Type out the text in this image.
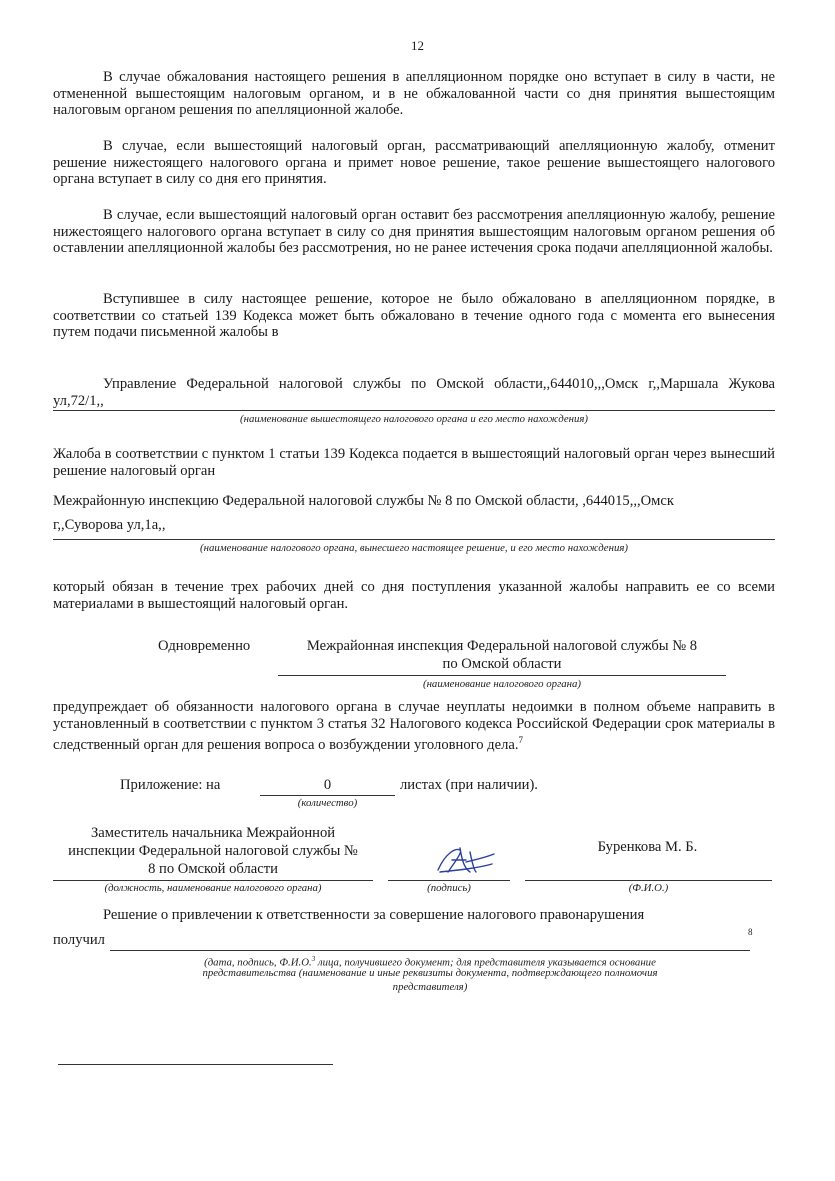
12
В случае обжалования настоящего решения в апелляционном порядке оно вступает в силу в части, не отмененной вышестоящим налоговым органом, и в не обжалованной части со дня принятия вышестоящим налоговым органом решения по апелляционной жалобе.
В случае, если вышестоящий налоговый орган, рассматривающий апелляционную жалобу, отменит решение нижестоящего налогового органа и примет новое решение, такое решение вышестоящего налогового органа вступает в силу со дня его принятия.
В случае, если вышестоящий налоговый орган оставит без рассмотрения апелляционную жалобу, решение нижестоящего налогового органа вступает в силу со дня принятия вышестоящим налоговым органом решения об оставлении апелляционной жалобы без рассмотрения, но не ранее истечения срока подачи апелляционной жалобы.
Вступившее в силу настоящее решение, которое не было обжаловано в апелляционном порядке, в соответствии со статьей 139 Кодекса может быть обжаловано в течение одного года с момента его вынесения путем подачи письменной жалобы в
Управление Федеральной налоговой службы по Омской области,,644010,,,Омск г,,Маршала Жукова ул,72/1,,
(наименование вышестоящего налогового органа и его место нахождения)
Жалоба в соответствии с пунктом 1 статьи 139 Кодекса подается в вышестоящий налоговый орган через вынесший решение налоговый орган
Межрайонную инспекцию Федеральной налоговой службы № 8 по Омской области, ,644015,,,Омск
г,,Суворова ул,1а,,
(наименование налогового органа, вынесшего настоящее решение, и его место нахождения)
который обязан в течение трех рабочих дней со дня поступления указанной жалобы направить ее со всеми материалами в вышестоящий налоговый орган.
Одновременно	Межрайонная инспекция Федеральной налоговой службы № 8
по Омской области
(наименование налогового органа)
предупреждает об обязанности налогового органа в случае неуплаты недоимки в полном объеме направить в установленный в соответствии с пунктом 3 статья 32 Налогового кодекса Российской Федерации срок материалы в следственный орган для решения вопроса о возбуждении уголовного дела.$^7$
Приложение: на	0
(количество)
листах (при наличии).
Заместитель начальника Межрайонной
инспекции Федеральной налоговой службы №
8 по Омской области
(должность, наименование налогового органа)	(подпись)
Буренкова М. Б.
(Ф.И.О.)
Решение о привлечении к ответственности за совершение налогового правонарушения
получил	8
(дата, подпись, Ф.И.О.$^3$ лица, получившего документ; для представителя указывается основание
представительства (наименование и иные реквизиты документа, подтверждающего полномочия
представителя)
